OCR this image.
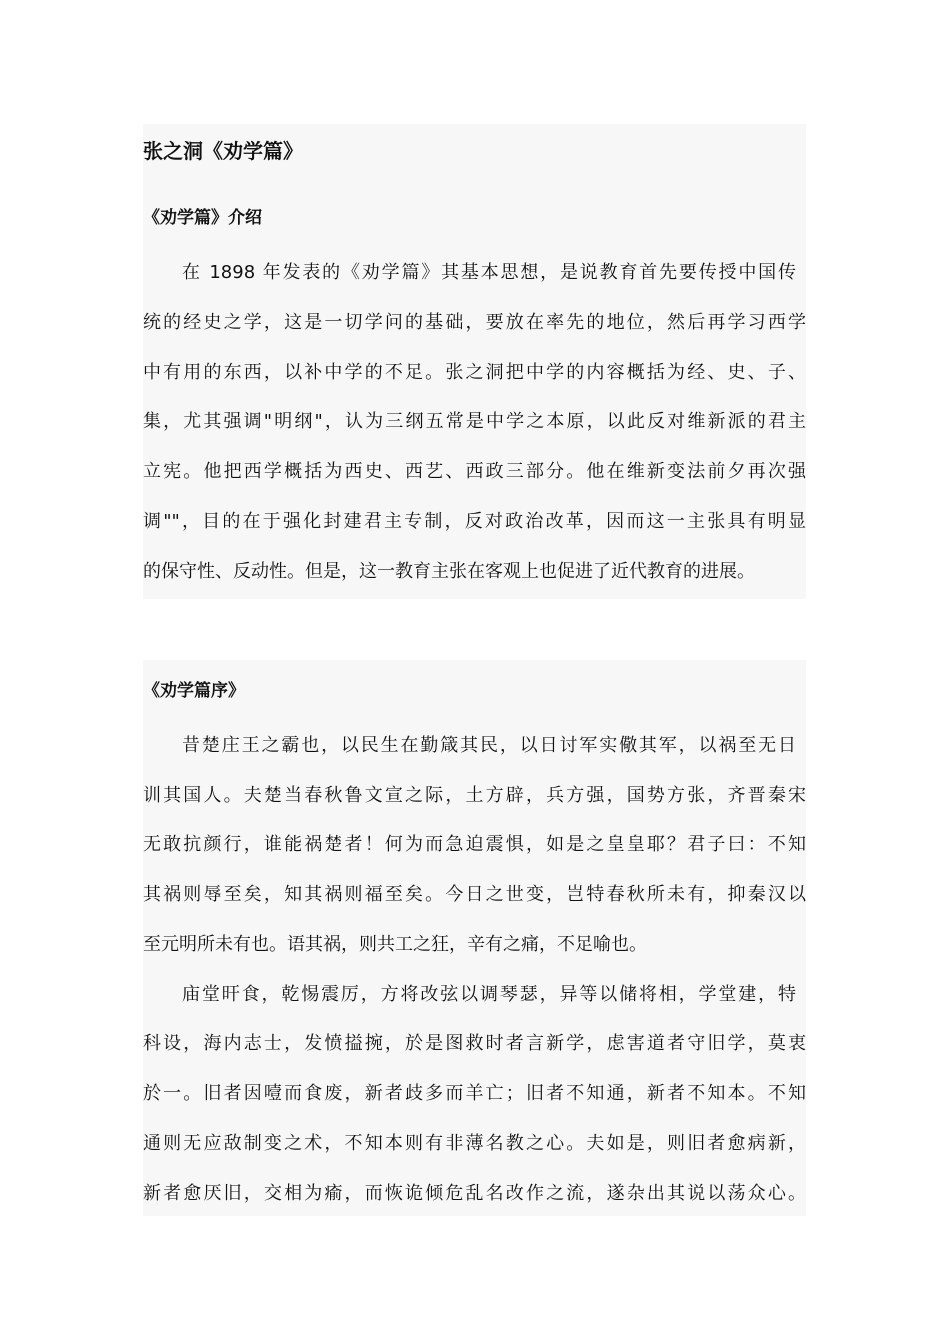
张之洞《劝学篇》
《劝学篇》介绍

在 1898 年发表的《劝学篇》其基本思想，是说教育首先要传授中国传

统的经史之学，这是一切学问的基础，要放在率先的地位，然后再学习西学

中有用的东西，以补中学的不足。张之洞把中学的内容概括为经、史、子、

集，尤其强调"明纲"，认为三纲五常是中学之本原，以此反对维新派的君主

立宪。他把西学概括为西史、西艺、西政三部分。他在维新变法前夕再次强

调""，目的在于强化封建君主专制，反对政治改革，因而这一主张具有明显

的保守性、反动性。但是，这一教育主张在客观上也促进了近代教育的进展。

《劝学篇序》

昔楚庄王之霸也，以民生在勤箴其民，以日讨军实儆其军，以祸至无日

训其国人。夫楚当春秋鲁文宣之际，土方辟，兵方强，国势方张，齐晋秦宋

无敢抗颜行，谁能祸楚者！何为而急迫震惧，如是之皇皇耶？君子曰：不知

其祸则辱至矣，知其祸则福至矣。今日之世变，岂特春秋所未有，抑秦汉以

至元明所未有也。语其祸，则共工之狂，辛有之痛，不足喻也。

庙堂旰食，乾惕震厉，方将改弦以调琴瑟，异等以储将相，学堂建，特

科设，海内志士，发愤搤捥，於是图救时者言新学，虑害道者守旧学，莫衷

於一。旧者因噎而食废，新者歧多而羊亡；旧者不知通，新者不知本。不知

通则无应敌制变之术，不知本则有非薄名教之心。夫如是，则旧者愈病新，

新者愈厌旧，交相为瘉，而恢诡倾危乱名改作之流，遂杂出其说以荡众心。
